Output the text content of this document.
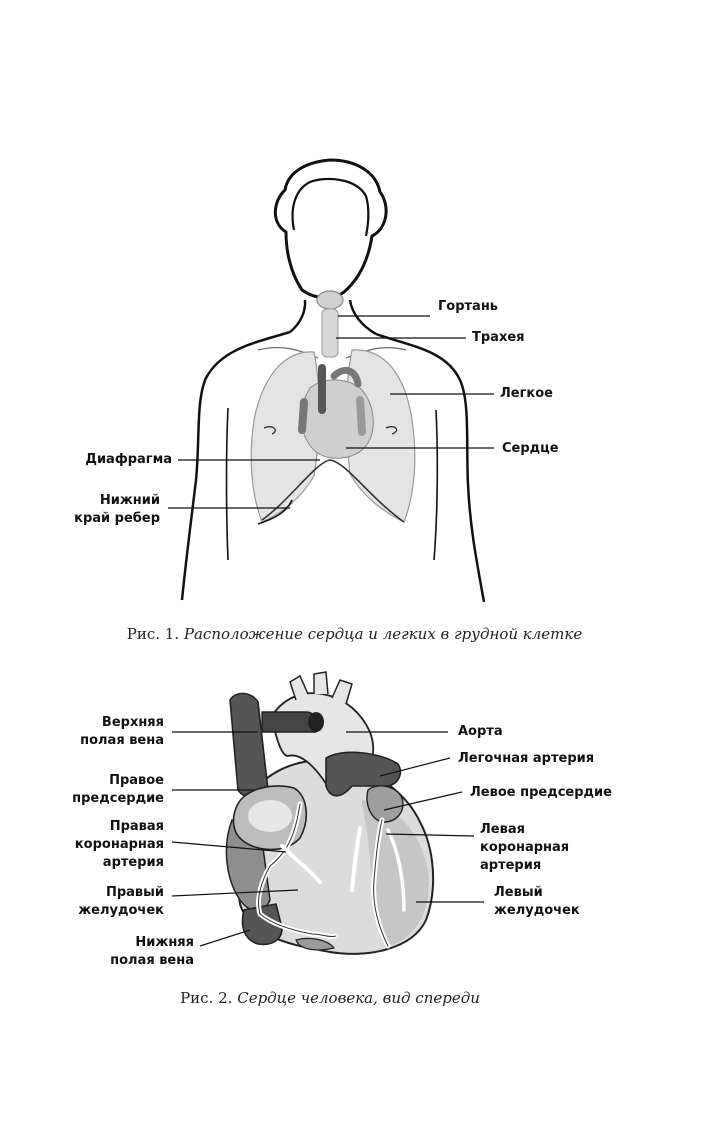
Гортань
Трахея
Легкое
Сердце
Диафрагма
Нижний
край ребер
Рис. 1. Расположение сердца и легких в грудной клетке
Верхняя
полая вена
Аорта
Легочная артерия
Правое
предсердие	Левое предсердие
Правая
коронарная
артерия
Левая
коронарная
артерия
Правый
желудочек
Левый
желудочек
Нижняя
полая вена
Рис. 2. Сердце человека, вид спереди
